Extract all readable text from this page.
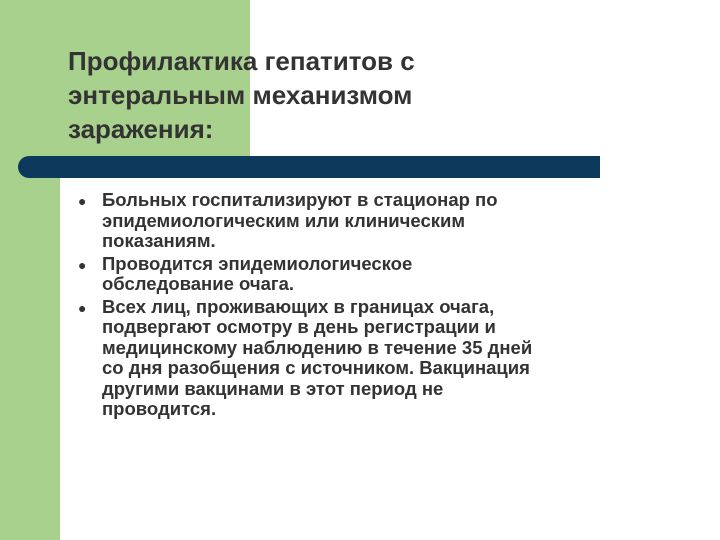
Профилактика гепатитов с
энтеральным механизмом
заражения:
● Больных госпитализируют в стационар по
эпидемиологическим или клиническим
показаниям.
● Проводится эпидемиологическое
обследование очага.
● Всех лиц, проживающих в границах очага,
подвергают осмотру в день регистрации и
медицинскому наблюдению в течение 35 дней
со дня разобщения с источником. Вакцинация
другими вакцинами в этот период не
проводится.
